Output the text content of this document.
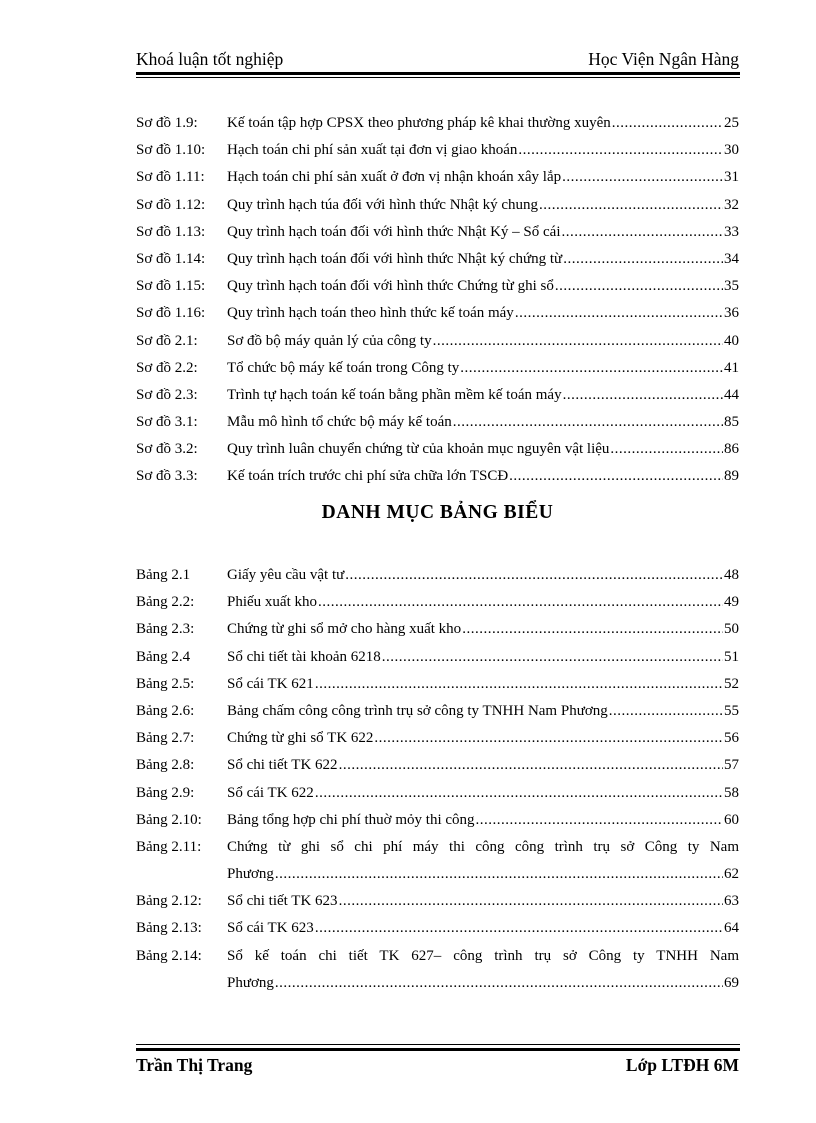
Khoá luận tốt nghiệp	Học Viện Ngân Hàng
Sơ đồ 1.9: Kế toán tập hợp CPSX theo phương pháp kê khai thường xuyên .....	25
Sơ đồ 1.10: Hạch toán chi phí sản xuất tại đơn vị giao khoán .....	30
Sơ đồ 1.11: Hạch toán chi phí sản xuất ở đơn vị nhận khoán xây lắp .....	31
Sơ đồ 1.12: Quy trình hạch túa đối với hình thức Nhật ký chung .....	32
Sơ đồ 1.13: Quy trình hạch toán đối với hình thức Nhật Ký – Sổ cái .....	33
Sơ đồ 1.14: Quy trình hạch toán đối với hình thức Nhật ký chứng từ .....	34
Sơ đồ 1.15: Quy trình hạch toán đối với hình thức Chứng từ ghi sổ .....	35
Sơ đồ 1.16: Quy trình hạch toán theo hình thức kế toán máy .....	36
Sơ đồ 2.1: Sơ đồ bộ máy quản lý của công ty .....	40
Sơ đồ 2.2: Tổ chức bộ máy kế toán trong Công ty .....	41
Sơ đồ 2.3: Trình tự hạch toán kế toán bằng phần mềm kế toán máy .....	44
Sơ đồ 3.1: Mẫu mô hình tổ chức bộ máy kế toán .....	85
Sơ đồ 3.2: Quy trình luân chuyển chứng từ của khoản mục nguyên vật liệu .....	86
Sơ đồ 3.3: Kế toán trích trước chi phí sửa chữa lớn TSCĐ .....	89
DANH MỤC BẢNG BIỂU
Bảng 2.1 Giấy yêu cầu vật tư .....	48
Bảng 2.2: Phiếu xuất kho .....	49
Bảng 2.3: Chứng từ ghi sổ mở cho hàng xuất kho .....	50
Bảng 2.4 Sổ chi tiết tài khoản 6218 .....	51
Bảng 2.5: Sổ cái TK 621 .....	52
Bảng 2.6: Bảng chấm công công trình trụ sở công ty TNHH Nam Phương .....	55
Bảng 2.7: Chứng từ ghi sổ TK 622 .....	56
Bảng 2.8: Sổ chi tiết TK 622 .....	57
Bảng 2.9: Sổ cái TK 622 .....	58
Bảng 2.10: Bảng tổng hợp chi phí thuờ mỏy thi công .....	60
Bảng 2.11: Chứng từ ghi sổ chi phí máy thi công công trình trụ sở Công ty Nam
Phương .....	62
Bảng 2.12: Sổ chi tiết TK 623 .....	63
Bảng 2.13: Sổ cái TK 623 .....	64
Bảng 2.14: Sổ kế toán chi tiết TK 627– công trình trụ sở Công ty TNHH Nam
Phương .....	69
Trần Thị Trang	Lớp LTĐH 6M
